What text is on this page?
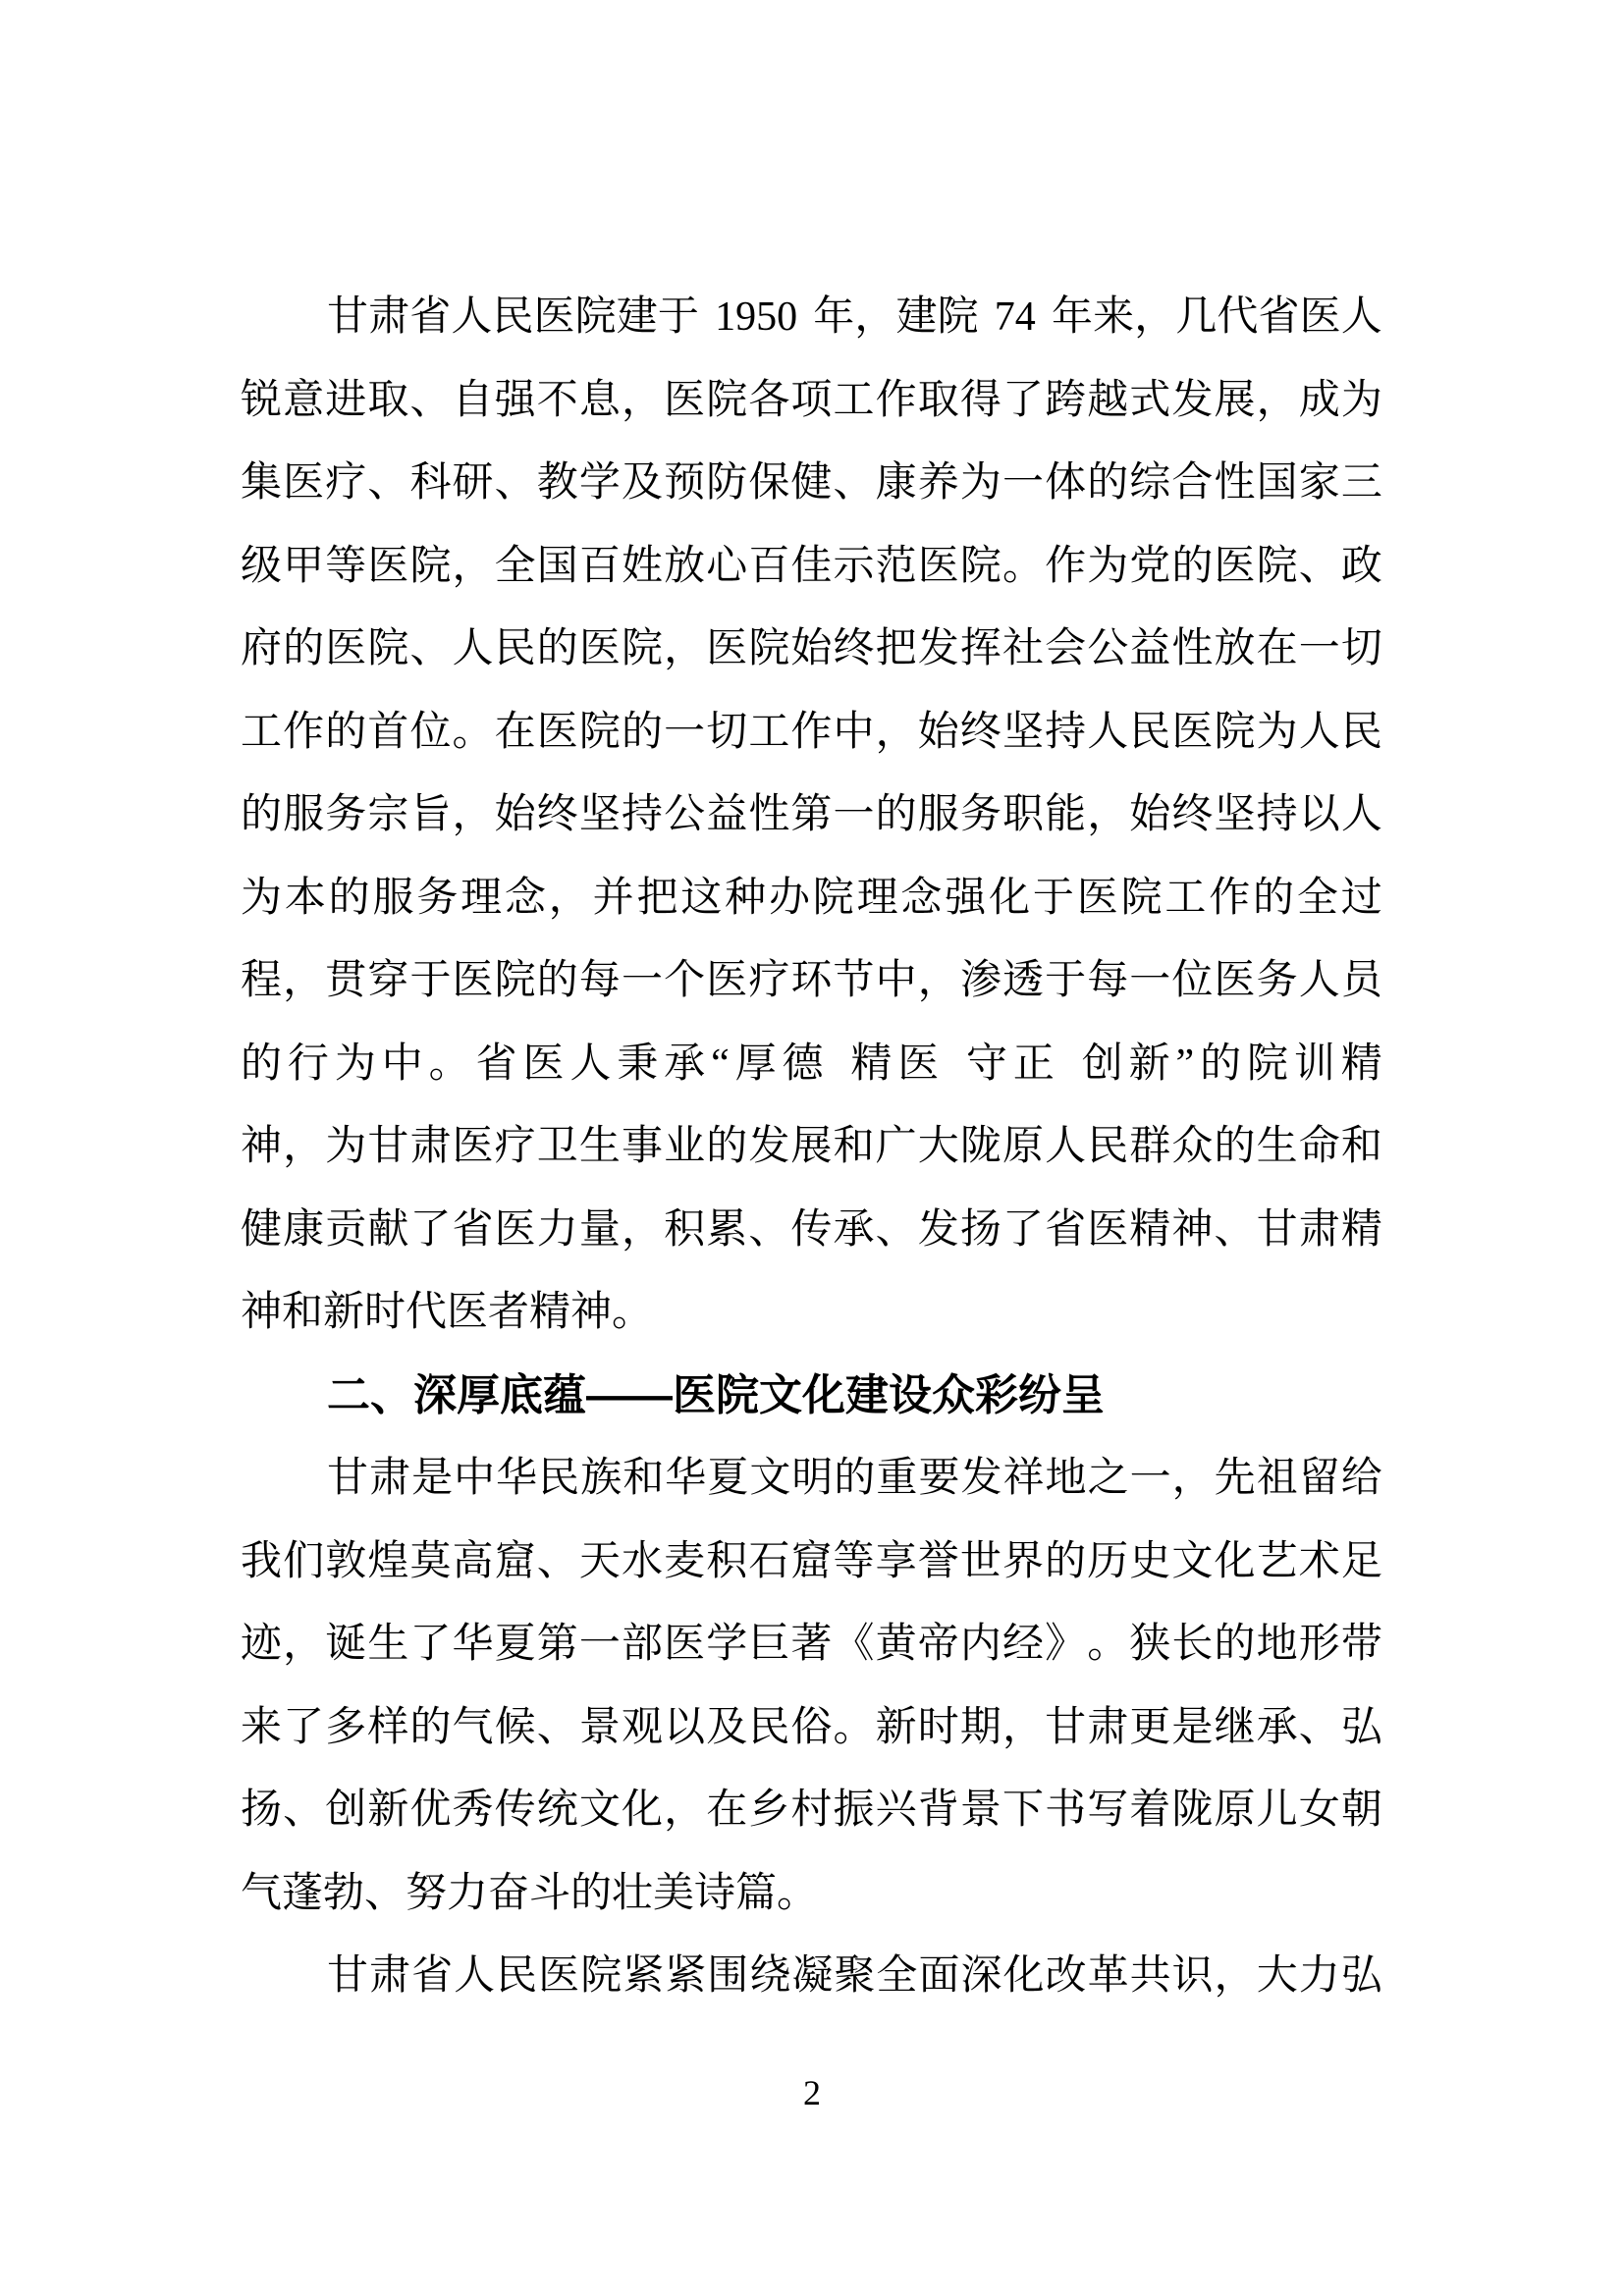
甘 肃 省 人 民 医 院 建 于
1950
年 ， 建 院
74
年 来 ， 几 代 省 医 人
锐 意 进 取 、 自 强 不 息 ， 医 院 各 项 工 作 取 得 了 跨 越 式 发 展 ， 成 为
集 医 疗 、 科 研 、 教 学 及 预 防 保 健 、 康 养 为 一 体 的 综 合 性 国 家 三
级 甲 等 医 院 ， 全 国 百 姓 放 心 百 佳 示 范 医 院 。 作 为 党 的 医 院 、 政
府 的 医 院 、 人 民 的 医 院 ， 医 院 始 终 把 发 挥 社 会 公 益 性 放 在 一 切
工 作 的 首 位 。 在 医 院 的 一 切 工 作 中 ， 始 终 坚 持 人 民 医 院 为 人 民
的 服 务 宗 旨 ， 始 终 坚 持 公 益 性 第 一 的 服 务 职 能 ， 始 终 坚 持 以 人
为 本 的 服 务 理 念 ， 并 把 这 种 办 院 理 念 强 化 于 医 院 工 作 的 全 过
程 ， 贯 穿 于 医 院 的 每 一 个 医 疗 环 节 中 ， 渗 透 于 每 一 位 医 务 人 员
的 行 为 中 。 省 医 人 秉 承 “ 厚 德
精 医
守 正
创 新 ” 的 院 训 精
神 ， 为 甘 肃 医 疗 卫 生 事 业 的 发 展 和 广 大 陇 原 人 民 群 众 的 生 命 和
健 康 贡 献 了 省 医 力 量 ， 积 累 、 传 承 、 发 扬 了 省 医 精 神 、 甘 肃 精
神和新时代医者精神。
二、深厚底蕴——医院文化建设众彩纷呈
甘 肃 是 中 华 民 族 和 华 夏 文 明 的 重 要 发 祥 地 之 一 ， 先 祖 留 给
我 们 敦 煌 莫 高 窟 、 天 水 麦 积 石 窟 等 享 誉 世 界 的 历 史 文 化 艺 术 足
迹 ， 诞 生 了 华 夏 第 一 部 医 学 巨 著 《 黄 帝 内 经 》 。 狭 长 的 地 形 带
来 了 多 样 的 气 候 、 景 观 以 及 民 俗 。 新 时 期 ， 甘 肃 更 是 继 承 、 弘
扬 、 创 新 优 秀 传 统 文 化 ， 在 乡 村 振 兴 背 景 下 书 写 着 陇 原 儿 女 朝
气蓬勃、努力奋斗的壮美诗篇。
甘 肃 省 人 民 医 院 紧 紧 围 绕 凝 聚 全 面 深 化 改 革 共 识 ， 大 力 弘
2
